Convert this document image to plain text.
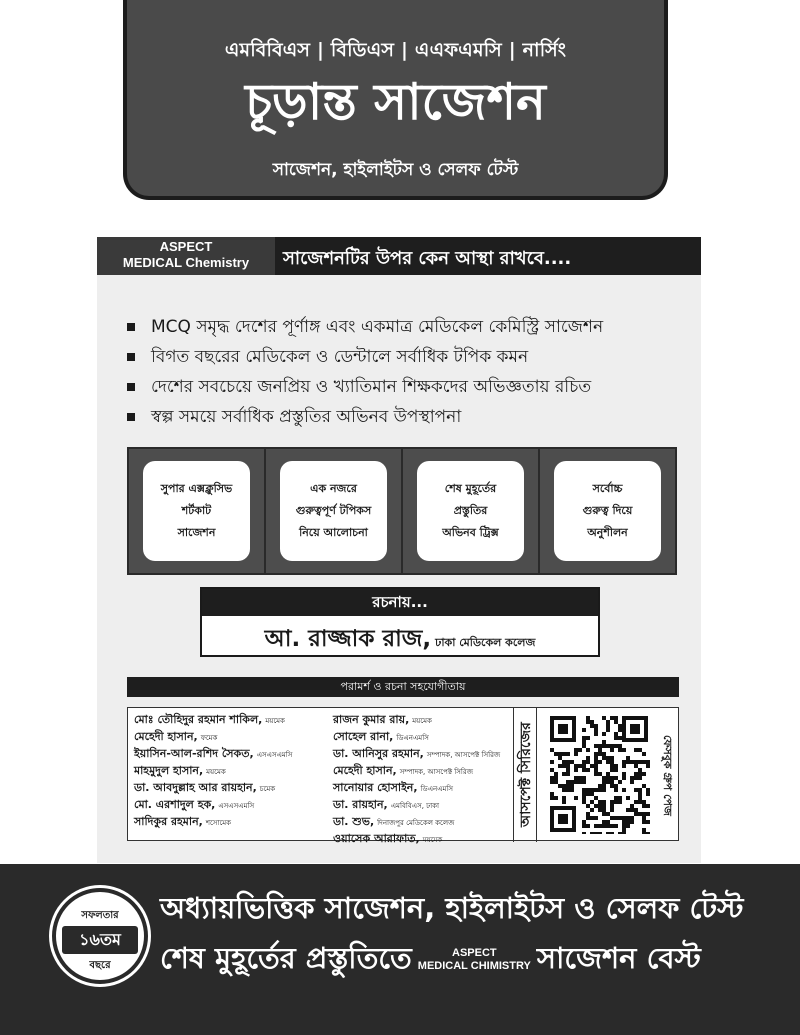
এমবিবিএস | বিডিএস | এএফএমসি | নার্সিং
চূড়ান্ত সাজেশন
সাজেশন, হাইলাইটস ও সেলফ টেস্ট
ASPECT
MEDICAL Chemistry	সাজেশনটির উপর কেন আস্থা রাখবে....
MCQ সমৃদ্ধ দেশের পূর্ণাঙ্গ এবং একমাত্র মেডিকেল কেমিস্ট্রি সাজেশন
বিগত বছরের মেডিকেল ও ডেন্টালে সর্বাধিক টপিক কমন
দেশের সবচেয়ে জনপ্রিয় ও খ্যাতিমান শিক্ষকদের অভিজ্ঞতায় রচিত
স্বল্প সময়ে সর্বাধিক প্রস্তুতির অভিনব উপস্থাপনা
সুপার এক্সক্লুসিভ
শর্টকাট
সাজেশন
এক নজরে
গুরুত্বপূর্ণ টপিকস
নিয়ে আলোচনা
শেষ মুহূর্তের
প্রস্তুতির
অভিনব ট্রিক্স
সর্বোচ্চ
গুরুত্ব দিয়ে
অনুশীলন
রচনায়...
আ. রাজ্জাক রাজ, ঢাকা মেডিকেল কলেজ
পরামর্শ ও রচনা সহযোগীতায়
মোঃ তৌহিদুর রহমান শাকিল, ময়মেক
মেহেদী হাসান, ফমেক
ইয়াসিন-আল-রশিদ সৈকত, এসএসএমসি
মাহমুদুল হাসান, ময়মেক
ডা. আবদুল্লাহ আর রায়হান, চমেক
মো. এরশাদুল হক, এসএসএমসি
সাদিকুর রহমান, শসোমেক
রাজন কুমার রায়, ময়মেক
সোহেল রানা, ডিএনএমসি
ডা. আনিসুর রহমান, সম্পাদক, আসপেক্ট সিরিজ
মেহেদী হাসান, সম্পাদক, আসপেক্ট সিরিজ
সানোয়ার হোসাইন, ডিএনএমসি
ডা. রায়হান, এমবিবিএস, ঢাকা
ডা. শুভ, দিনাজপুর মেডিকেল কলেজ
ওয়াসেক আরাফাত, ময়মেক
আসপেক্ট সিরিজের	ফেসবুক গ্রুপ পেজ
সফলতার
১৬তম
বছরে
অধ্যায়ভিত্তিক সাজেশন, হাইলাইটস ও সেলফ টেস্ট
শেষ মুহূর্তের প্রস্তুতিতে	ASPECT
MEDICAL CHIMISTRY সাজেশন বেস্ট
